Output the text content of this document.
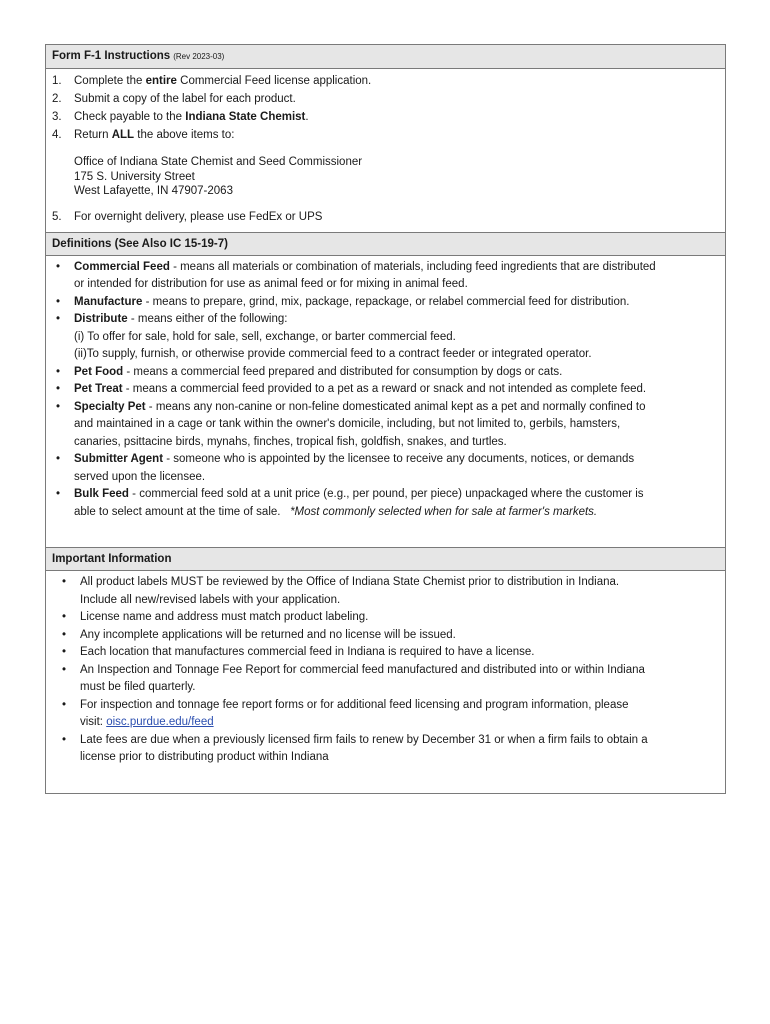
Form F-1 Instructions (Rev 2023-03)
1.	Complete the entire Commercial Feed license application.
2.	Submit a copy of the label for each product.
3.	Check payable to the Indiana State Chemist.
4.	Return ALL the above items to:
Office of Indiana State Chemist and Seed Commissioner
175 S. University Street
West Lafayette, IN 47907-2063
5.	For overnight delivery, please use FedEx or UPS
Definitions (See Also IC 15-19-7)
•	Commercial Feed - means all materials or combination of materials, including feed ingredients that are distributed
or intended for distribution for use as animal feed or for mixing in animal feed.
•	Manufacture - means to prepare, grind, mix, package, repackage, or relabel commercial feed for distribution.
•	Distribute - means either of the following:
(i) To offer for sale, hold for sale, sell, exchange, or barter commercial feed.
(ii)To supply, furnish, or otherwise provide commercial feed to a contract feeder or integrated operator.
•	Pet Food - means a commercial feed prepared and distributed for consumption by dogs or cats.
•	Pet Treat - means a commercial feed provided to a pet as a reward or snack and not intended as complete feed.
•	Specialty Pet - means any non-canine or non-feline domesticated animal kept as a pet and normally confined to
and maintained in a cage or tank within the owner's domicile, including, but not limited to, gerbils, hamsters,
canaries, psittacine birds, mynahs, finches, tropical fish, goldfish, snakes, and turtles.
•	Submitter Agent - someone who is appointed by the licensee to receive any documents, notices, or demands
served upon the licensee.
•	Bulk Feed - commercial feed sold at a unit price (e.g., per pound, per piece) unpackaged where the customer is
able to select amount at the time of sale.   *Most commonly selected when for sale at farmer's markets.
Important Information
•	All product labels MUST be reviewed by the Office of Indiana State Chemist prior to distribution in Indiana.
Include all new/revised labels with your application.
•	License name and address must match product labeling.
•	Any incomplete applications will be returned and no license will be issued.
•	Each location that manufactures commercial feed in Indiana is required to have a license.
•	An Inspection and Tonnage Fee Report for commercial feed manufactured and distributed into or within Indiana
must be filed quarterly.
•	For inspection and tonnage fee report forms or for additional feed licensing and program information, please
visit: oisc.purdue.edu/feed
•	Late fees are due when a previously licensed firm fails to renew by December 31 or when a firm fails to obtain a
license prior to distributing product within Indiana
